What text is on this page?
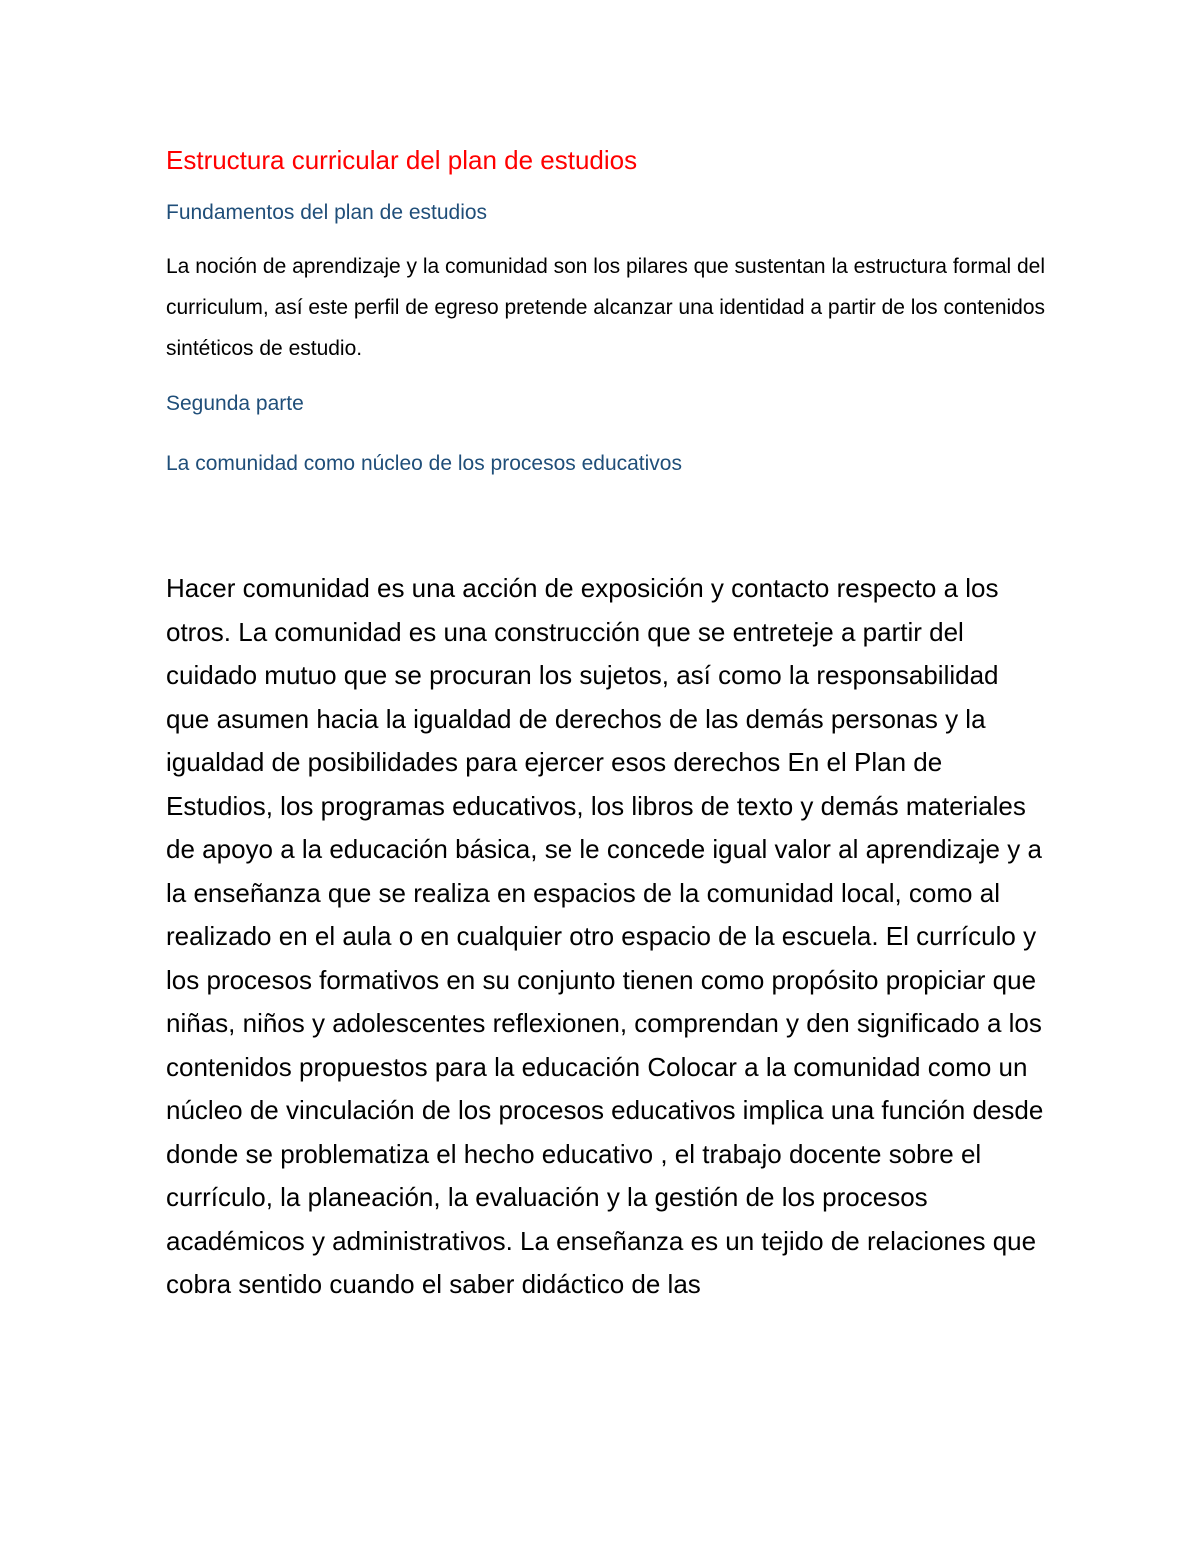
Estructura curricular del plan de estudios
Fundamentos del plan de estudios

La noción de aprendizaje y la comunidad son los pilares que sustentan la estructura formal del curriculum, así este perfil de egreso pretende alcanzar una identidad a partir de los contenidos sintéticos de estudio.

Segunda parte
La comunidad como núcleo de los procesos educativos

Hacer comunidad es una acción de exposición y contacto respecto a los otros. La comunidad es una construcción que se entreteje a partir del cuidado mutuo que se procuran los sujetos, así como la responsabilidad que asumen hacia la igualdad de derechos de las demás personas y la igualdad de posibilidades para ejercer esos derechos En el Plan de Estudios, los programas educativos, los libros de texto y demás materiales de apoyo a la educación básica, se le concede igual valor al aprendizaje y a la enseñanza que se realiza en espacios de la comunidad local, como al realizado en el aula o en cualquier otro espacio de la escuela. El currículo y los procesos formativos en su conjunto tienen como propósito propiciar que niñas, niños y adolescentes reflexionen, comprendan y den significado a los contenidos propuestos para la educación Colocar a la comunidad como un núcleo de vinculación de los procesos educativos implica una función desde donde se problematiza el hecho educativo , el trabajo docente sobre el currículo, la planeación, la evaluación y la gestión de los procesos académicos y administrativos. La enseñanza es un tejido de relaciones que cobra sentido cuando el saber didáctico de las
